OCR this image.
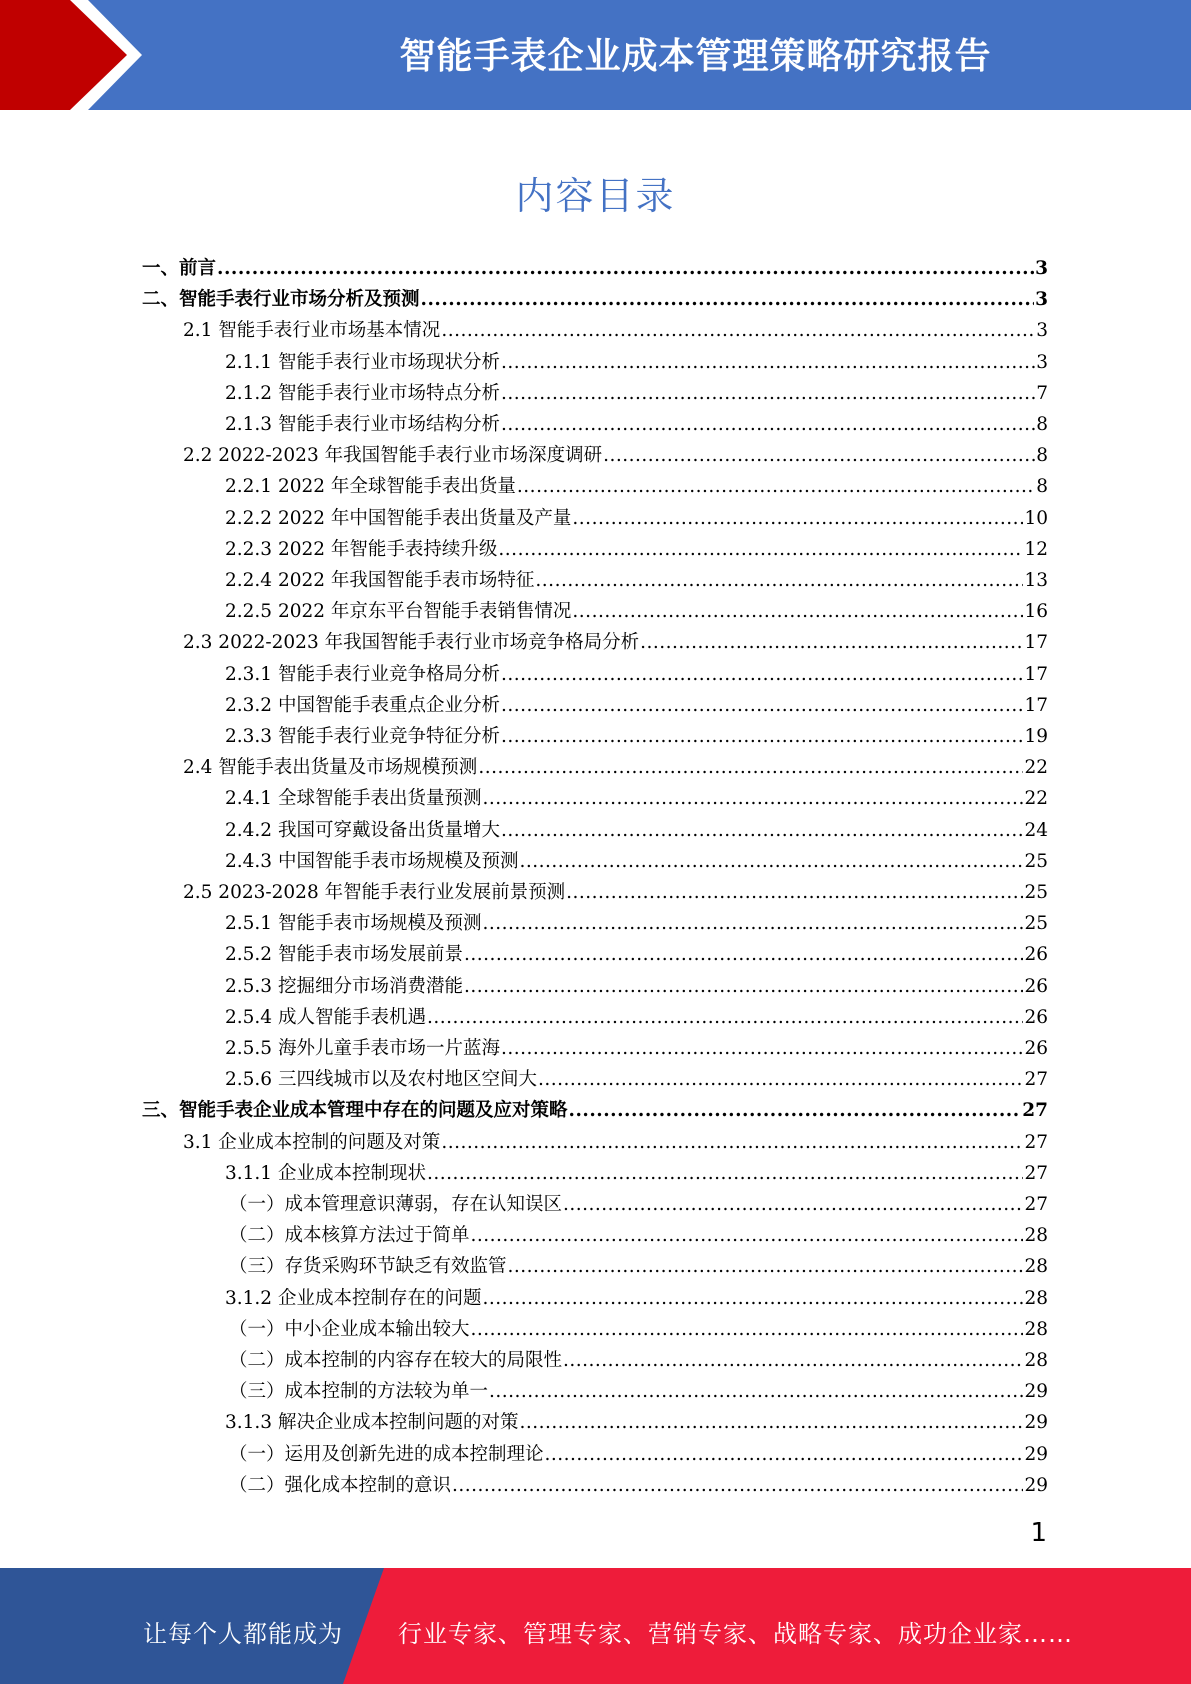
智能手表企业成本管理策略研究报告
内容目录
一、前言 .....	3
二、智能手表行业市场分析及预测 .....	3
2.1 智能手表行业市场基本情况 .....	3
2.1.1 智能手表行业市场现状分析 .....	3
2.1.2 智能手表行业市场特点分析 .....	7
2.1.3 智能手表行业市场结构分析 .....	8
2.2 2022-2023 年我国智能手表行业市场深度调研 .....	8
2.2.1 2022 年全球智能手表出货量 .....	8
2.2.2 2022 年中国智能手表出货量及产量 .....	10
2.2.3 2022 年智能手表持续升级 .....	12
2.2.4 2022 年我国智能手表市场特征 .....	13
2.2.5 2022 年京东平台智能手表销售情况 .....	16
2.3 2022-2023 年我国智能手表行业市场竞争格局分析 .....	17
2.3.1 智能手表行业竞争格局分析 .....	17
2.3.2 中国智能手表重点企业分析 .....	17
2.3.3 智能手表行业竞争特征分析 .....	19
2.4 智能手表出货量及市场规模预测 .....	22
2.4.1 全球智能手表出货量预测 .....	22
2.4.2 我国可穿戴设备出货量增大 .....	24
2.4.3 中国智能手表市场规模及预测 .....	25
2.5 2023-2028 年智能手表行业发展前景预测 .....	25
2.5.1 智能手表市场规模及预测 .....	25
2.5.2 智能手表市场发展前景 .....	26
2.5.3 挖掘细分市场消费潜能 .....	26
2.5.4 成人智能手表机遇 .....	26
2.5.5 海外儿童手表市场一片蓝海 .....	26
2.5.6 三四线城市以及农村地区空间大 .....	27
三、智能手表企业成本管理中存在的问题及应对策略 .....	27
3.1 企业成本控制的问题及对策 .....	27
3.1.1 企业成本控制现状 .....	27
（一）成本管理意识薄弱，存在认知误区 .....	27
（二）成本核算方法过于简单 .....	28
（三）存货采购环节缺乏有效监管 .....	28
3.1.2 企业成本控制存在的问题 .....	28
（一）中小企业成本输出较大 .....	28
（二）成本控制的内容存在较大的局限性 .....	28
（三）成本控制的方法较为单一 .....	29
3.1.3 解决企业成本控制问题的对策 .....	29
（一）运用及创新先进的成本控制理论 .....	29
（二）强化成本控制的意识 .....	29
1
让每个人都能成为 行业专家、管理专家、营销专家、战略专家、成功企业家……
